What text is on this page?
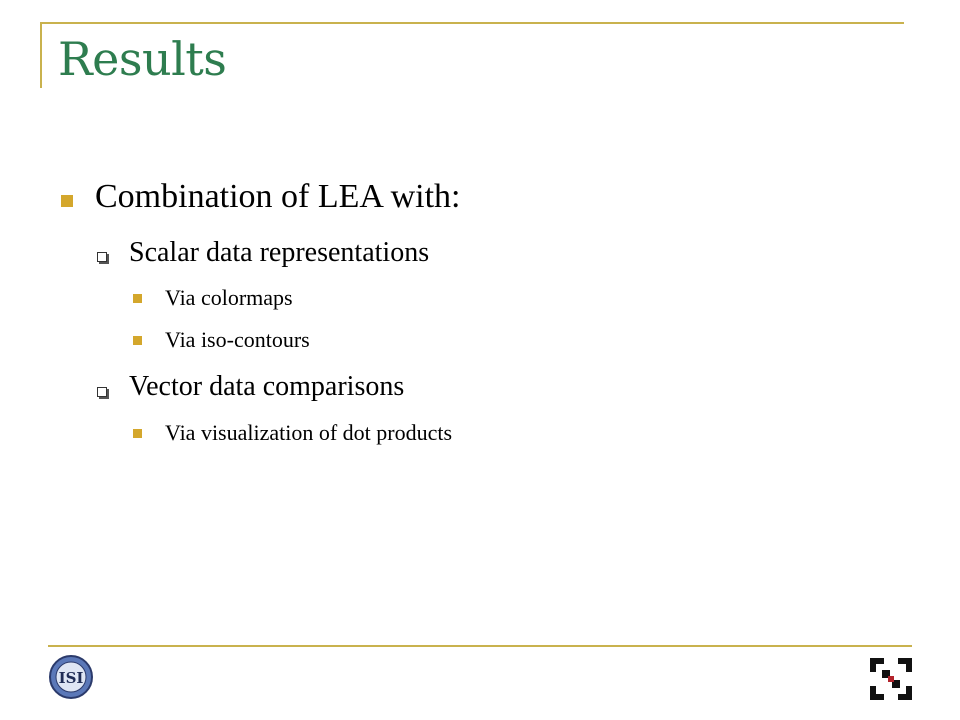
Results
Combination of LEA with:
Scalar data representations
Via colormaps
Via iso-contours
Vector data comparisons
Via visualization of dot products
ISI
